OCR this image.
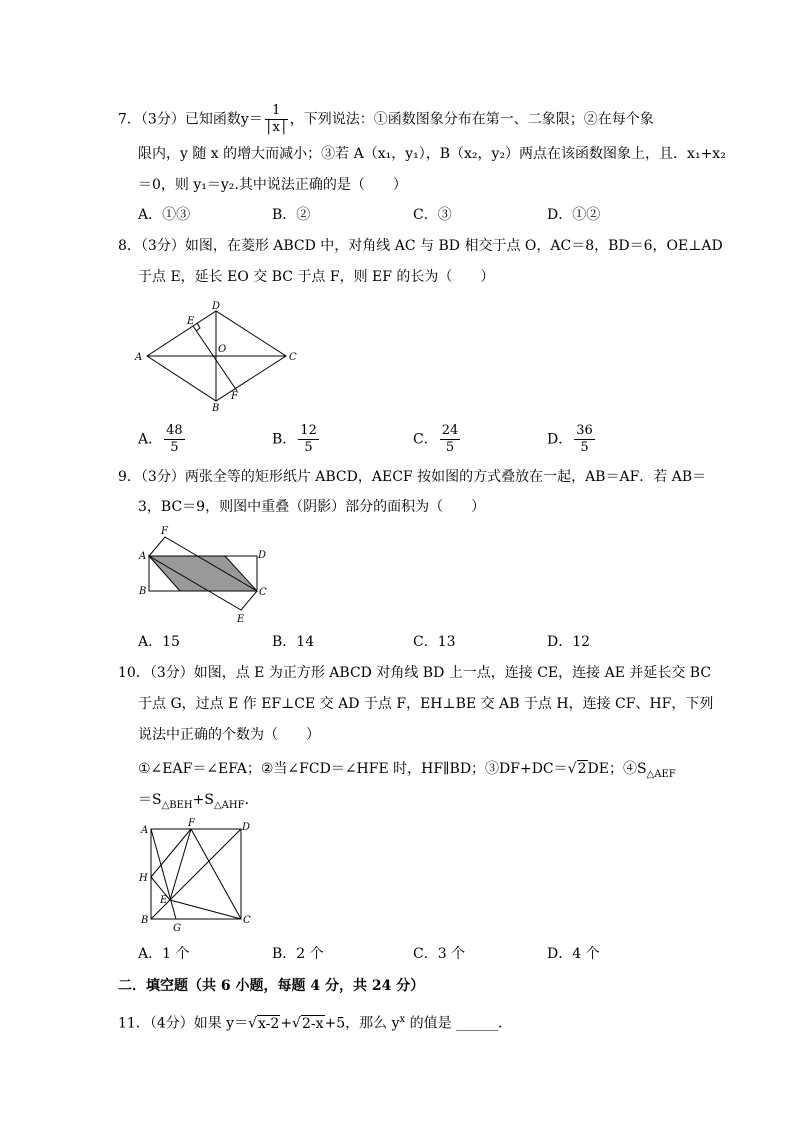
7．（3分）已知函数$y= \frac{1}{│x│}$ ，下列说法：①函数图象分布在第一、二象限；②在每个象
限内，y 随 x 的增大而减小；③若 A（x₁，y₁），B（x₂，y₂）两点在该函数图象上，且．x₁+x₂
＝0，则 y₁＝y₂.其中说法正确的是（　　）
A．①③	B．②	C．③	D．①②
8．（3分）如图，在菱形 ABCD 中，对角线 AC 与 BD 相交于点 O，AC＝8，BD＝6，OE⊥AD
于点 E，延长 EO 交 BC 于点 F，则 EF 的长为（　　）
A
B
C
D
E
F
O
A． $\frac{48}{5}$	B． $\frac{12}{5}$	C． $\frac{24}{5}$	D． $\frac{36}{5}$
9．（3分）两张全等的矩形纸片 ABCD，AECF 按如图的方式叠放在一起，AB＝AF．若 AB＝
3，BC＝9，则图中重叠（阴影）部分的面积为（　　）
F
A	D
B	C
E
A．15	B．14	C．13	D．12
10．（3分）如图，点 E 为正方形 ABCD 对角线 BD 上一点，连接 CE，连接 AE 并延长交 BC
于点 G，过点 E 作 EF⊥CE 交 AD 于点 F，EH⊥BE 交 AB 于点 H，连接 CF、HF，下列
说法中正确的个数为（　　）
①∠EAF＝∠EFA；②当∠FCD＝∠HFE 时，HF∥BD；③DF+DC＝√2DE；$④S_{\triangle AEF}$
$=S_{\triangle BEH}+S_{\triangle AHF}$．
A
F	D
H
E
B
G
C
A．1 个	B．2 个	C．3 个	D．4 个
二．填空题（共 6 小题，每题 4 分，共 24 分）
11．（4分）如果 y＝√x-2+√2-x+5，那么 $y^x$ 的值是 ______．
